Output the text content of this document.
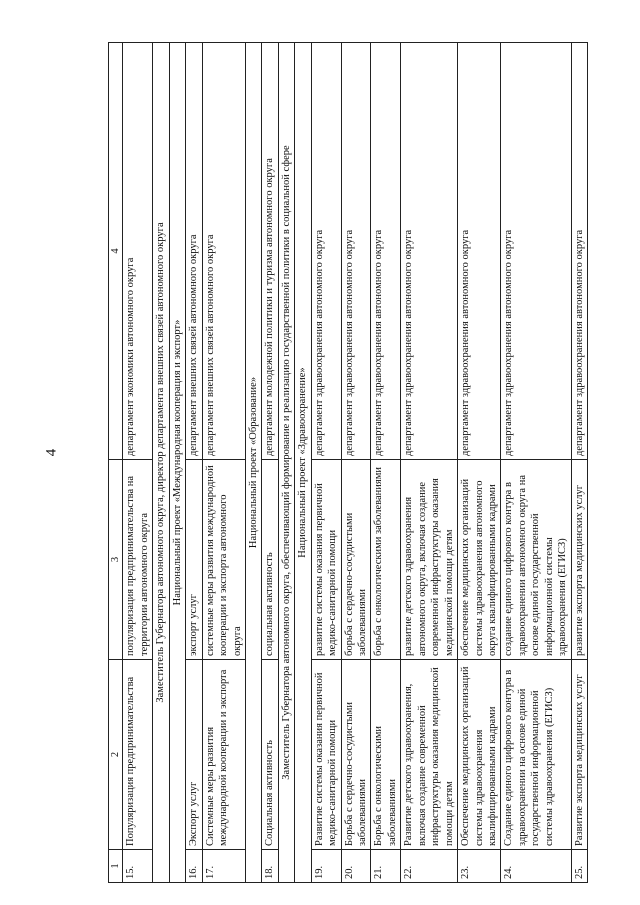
4
1	2	3	4
15.	Популяризация предпринимательства	популяризация предпринимательства на территории автономного округа	департамент экономики автономного округа
Заместитель Губернатора автономного округа, директор департамента внешних связей автономного округа			
Национальный проект «Международная кооперация и экспорт»			
16.	Экспорт услуг	экспорт услуг	департамент внешних связей автономного округа
17.	Системные меры развития международной кооперации и экспорта	системные меры развития международной кооперации и экспорта автономного округа	департамент внешних связей автономного округа
Национальный проект «Образование»			
18.	Социальная активность	социальная активность	департамент молодежной политики и туризма автономного округа
Заместитель Губернатора автономного округа, обеспечивающий формирование и реализацию государственной политики в социальной сфере			
Национальный проект «Здравоохранение»			
19.	Развитие системы оказания первичной медико-санитарной помощи	развитие системы оказания первичной медико-санитарной помощи	департамент здравоохранения автономного округа
20.	Борьба с сердечно-сосудистыми заболеваниями	борьба с сердечно-сосудистыми заболеваниями	департамент здравоохранения автономного округа
21.	Борьба с онкологическими заболеваниями	борьба с онкологическими заболеваниями	департамент здравоохранения автономного округа
22.	Развитие детского здравоохранения, включая создание современной инфраструктуры оказания медицинской помощи детям	развитие детского здравоохранения автономного округа, включая создание современной инфраструктуры оказания медицинской помощи детям	департамент здравоохранения автономного округа
23.	Обеспечение медицинских организаций системы здравоохранения квалифицированными кадрами	обеспечение медицинских организаций системы здравоохранения автономного округа квалифицированными кадрами	департамент здравоохранения автономного округа
24.	Создание единого цифрового контура в здравоохранении на основе единой государственной информационной системы здравоохранения (ЕГИСЗ)	создание единого цифрового контура в здравоохранении автономного округа на основе единой государственной информационной системы здравоохранения (ЕГИСЗ)	департамент здравоохранения автономного округа
25.	Развитие экспорта медицинских услуг	развитие экспорта медицинских услуг	департамент здравоохранения автономного округа
